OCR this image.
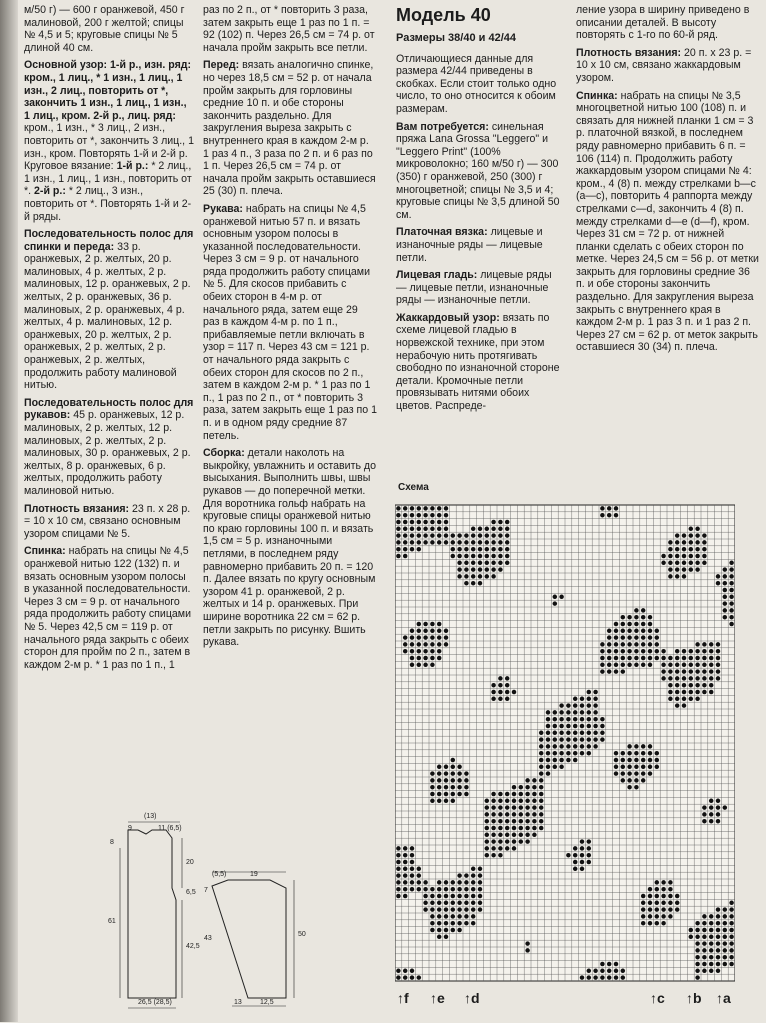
м/50 г) — 600 г оранжевой, 450 г малиновой, 200 г желтой; спицы № 4,5 и 5; круговые спицы № 5 длиной 40 см.

Основной узор: 1-й р., изн. ряд: кром., 1 лиц., * 1 изн., 1 лиц., 1 изн., 2 лиц., повторить от *, закончить 1 изн., 1 лиц., 1 изн., 1 лиц., кром. 2-й р., лиц. ряд: кром., 1 изн., * 3 лиц., 2 изн., повторить от *, закончить 3 лиц., 1 изн., кром. Повторять 1-й и 2-й р. Круговое вязание: 1-й р.: * 2 лиц., 1 изн., 1 лиц., 1 изн., повторить от *. 2-й р.: * 2 лиц., 3 изн., повторить от *. Повторять 1-й и 2-й ряды.

Последовательность полос для спинки и переда: 33 р. оранжевых, 2 р. желтых, 20 р. малиновых, 4 р. желтых, 2 р. малиновых, 12 р. оранжевых, 2 р. желтых, 2 р. оранжевых, 36 р. малиновых, 2 р. оранжевых, 4 р. желтых, 4 р. малиновых, 12 р. оранжевых, 20 р. желтых, 2 р. оранжевых, 2 р. желтых, 2 р. оранжевых, 2 р. желтых, продолжить работу малиновой нитью.

Последовательность полос для рукавов: 45 р. оранжевых, 12 р. малиновых, 2 р. желтых, 12 р. малиновых, 2 р. желтых, 2 р. малиновых, 30 р. оранжевых, 2 р. желтых, 8 р. оранжевых, 6 р. желтых, продолжить работу малиновой нитью.

Плотность вязания: 23 п. х 28 р. = 10 х 10 см, связано основным узором спицами № 5.

Спинка: набрать на спицы № 4,5 оранжевой нитью 122 (132) п. и вязать основным узором полосы в указанной последовательности. Через 3 см = 9 р. от начального ряда продолжить работу спицами № 5. Через 42,5 см = 119 р. от начального ряда закрыть с обеих сторон для пройм по 2 п., затем в каждом 2-м р. * 1 раз по 1 п., 1

раз по 2 п., от * повторить 3 раза, затем закрыть еще 1 раз по 1 п. = 92 (102) п. Через 26,5 см = 74 р. от начала пройм закрыть все петли.

Перед: вязать аналогично спинке, но через 18,5 см = 52 р. от начала пройм закрыть для горловины средние 10 п. и обе стороны закончить раздельно. Для закругления выреза закрыть с внутреннего края в каждом 2-м р. 1 раз 4 п., 3 раза по 2 п. и 6 раз по 1 п. Через 26,5 см = 74 р. от начала пройм закрыть оставшиеся 25 (30) п. плеча.

Рукава: набрать на спицы № 4,5 оранжевой нитью 57 п. и вязать основным узором полосы в указанной последовательности. Через 3 см = 9 р. от начального ряда продолжить работу спицами № 5. Для скосов прибавить с обеих сторон в 4-м р. от начального ряда, затем еще 29 раз в каждом 4-м р. по 1 п., прибавляемые петли включать в узор = 117 п. Через 43 см = 121 р. от начального ряда закрыть с обеих сторон для скосов по 2 п., затем в каждом 2-м р. * 1 раз по 1 п., 1 раз по 2 п., от * повторить 3 раза, затем закрыть еще 1 раз по 1 п. и в одном ряду средние 87 петель.

Сборка: детали наколоть на выкройку, увлажнить и оставить до высыхания. Выполнить швы, швы рукавов — до поперечной метки. Для воротника гольф набрать на круговые спицы оранжевой нитью по краю горловины 100 п. и вязать 1,5 см = 5 р. изнаночными петлями, в последнем ряду равномерно прибавить 20 п. = 120 п. Далее вязать по кругу основным узором 41 р. оранжевой, 2 р. желтых и 14 р. оранжевых. При ширине воротника 22 см = 62 р. петли закрыть по рисунку. Вшить рукава.

Модель 40
Размеры 38/40 и 42/44

Отличающиеся данные для размера 42/44 приведены в скобках. Если стоит только одно число, то оно относится к обоим размерам.

Вам потребуется: синельная пряжа Lana Grossa "Leggero" и "Leggero Print" (100% микроволокно; 160 м/50 г) — 300 (350) г оранжевой, 250 (300) г многоцветной; спицы № 3,5 и 4; круговые спицы № 3,5 длиной 50 см.

Платочная вязка: лицевые и изнаночные ряды — лицевые петли.

Лицевая гладь: лицевые ряды — лицевые петли, изнаночные ряды — изнаночные петли.

Жаккардовый узор: вязать по схеме лицевой гладью в норвежской технике, при этом нерабочую нить протягивать свободно по изнаночной стороне детали. Кромочные петли провязывать нитями обоих цветов. Распреде-

ление узора в ширину приведено в описании деталей. В высоту повторять с 1-го по 60-й ряд.

Плотность вязания: 20 п. х 23 р. = 10 х 10 см, связано жаккардовым узором.

Спинка: набрать на спицы № 3,5 многоцветной нитью 100 (108) п. и связать для нижней планки 1 см = 3 р. платочной вязкой, в последнем ряду равномерно прибавить 6 п. = 106 (114) п. Продолжить работу жаккардовым узором спицами № 4: кром., 4 (8) п. между стрелками b—c (a—c), повторить 4 раппорта между стрелками c—d, закончить 4 (8) п. между стрелками d—e (d—f), кром. Через 31 см = 72 р. от нижней планки сделать с обеих сторон по метке. Через 24,5 см = 56 р. от метки закрыть для горловины средние 36 п. и обе стороны закончить раздельно. Для закругления выреза закрыть с внутреннего края в каждом 2-м р. 1 раз 3 п. и 1 раз 2 п. Через 27 см = 62 р. от меток закрыть оставшиеся 30 (34) п. плеча.

Схема
↑f ↑e ↑d	↑c ↑b ↑a
(13)
9	11 (6,5)
8
20
6,5
61
42,5
26,5 (28,5)
(5,5)	19
7
43
50
13	12,5
